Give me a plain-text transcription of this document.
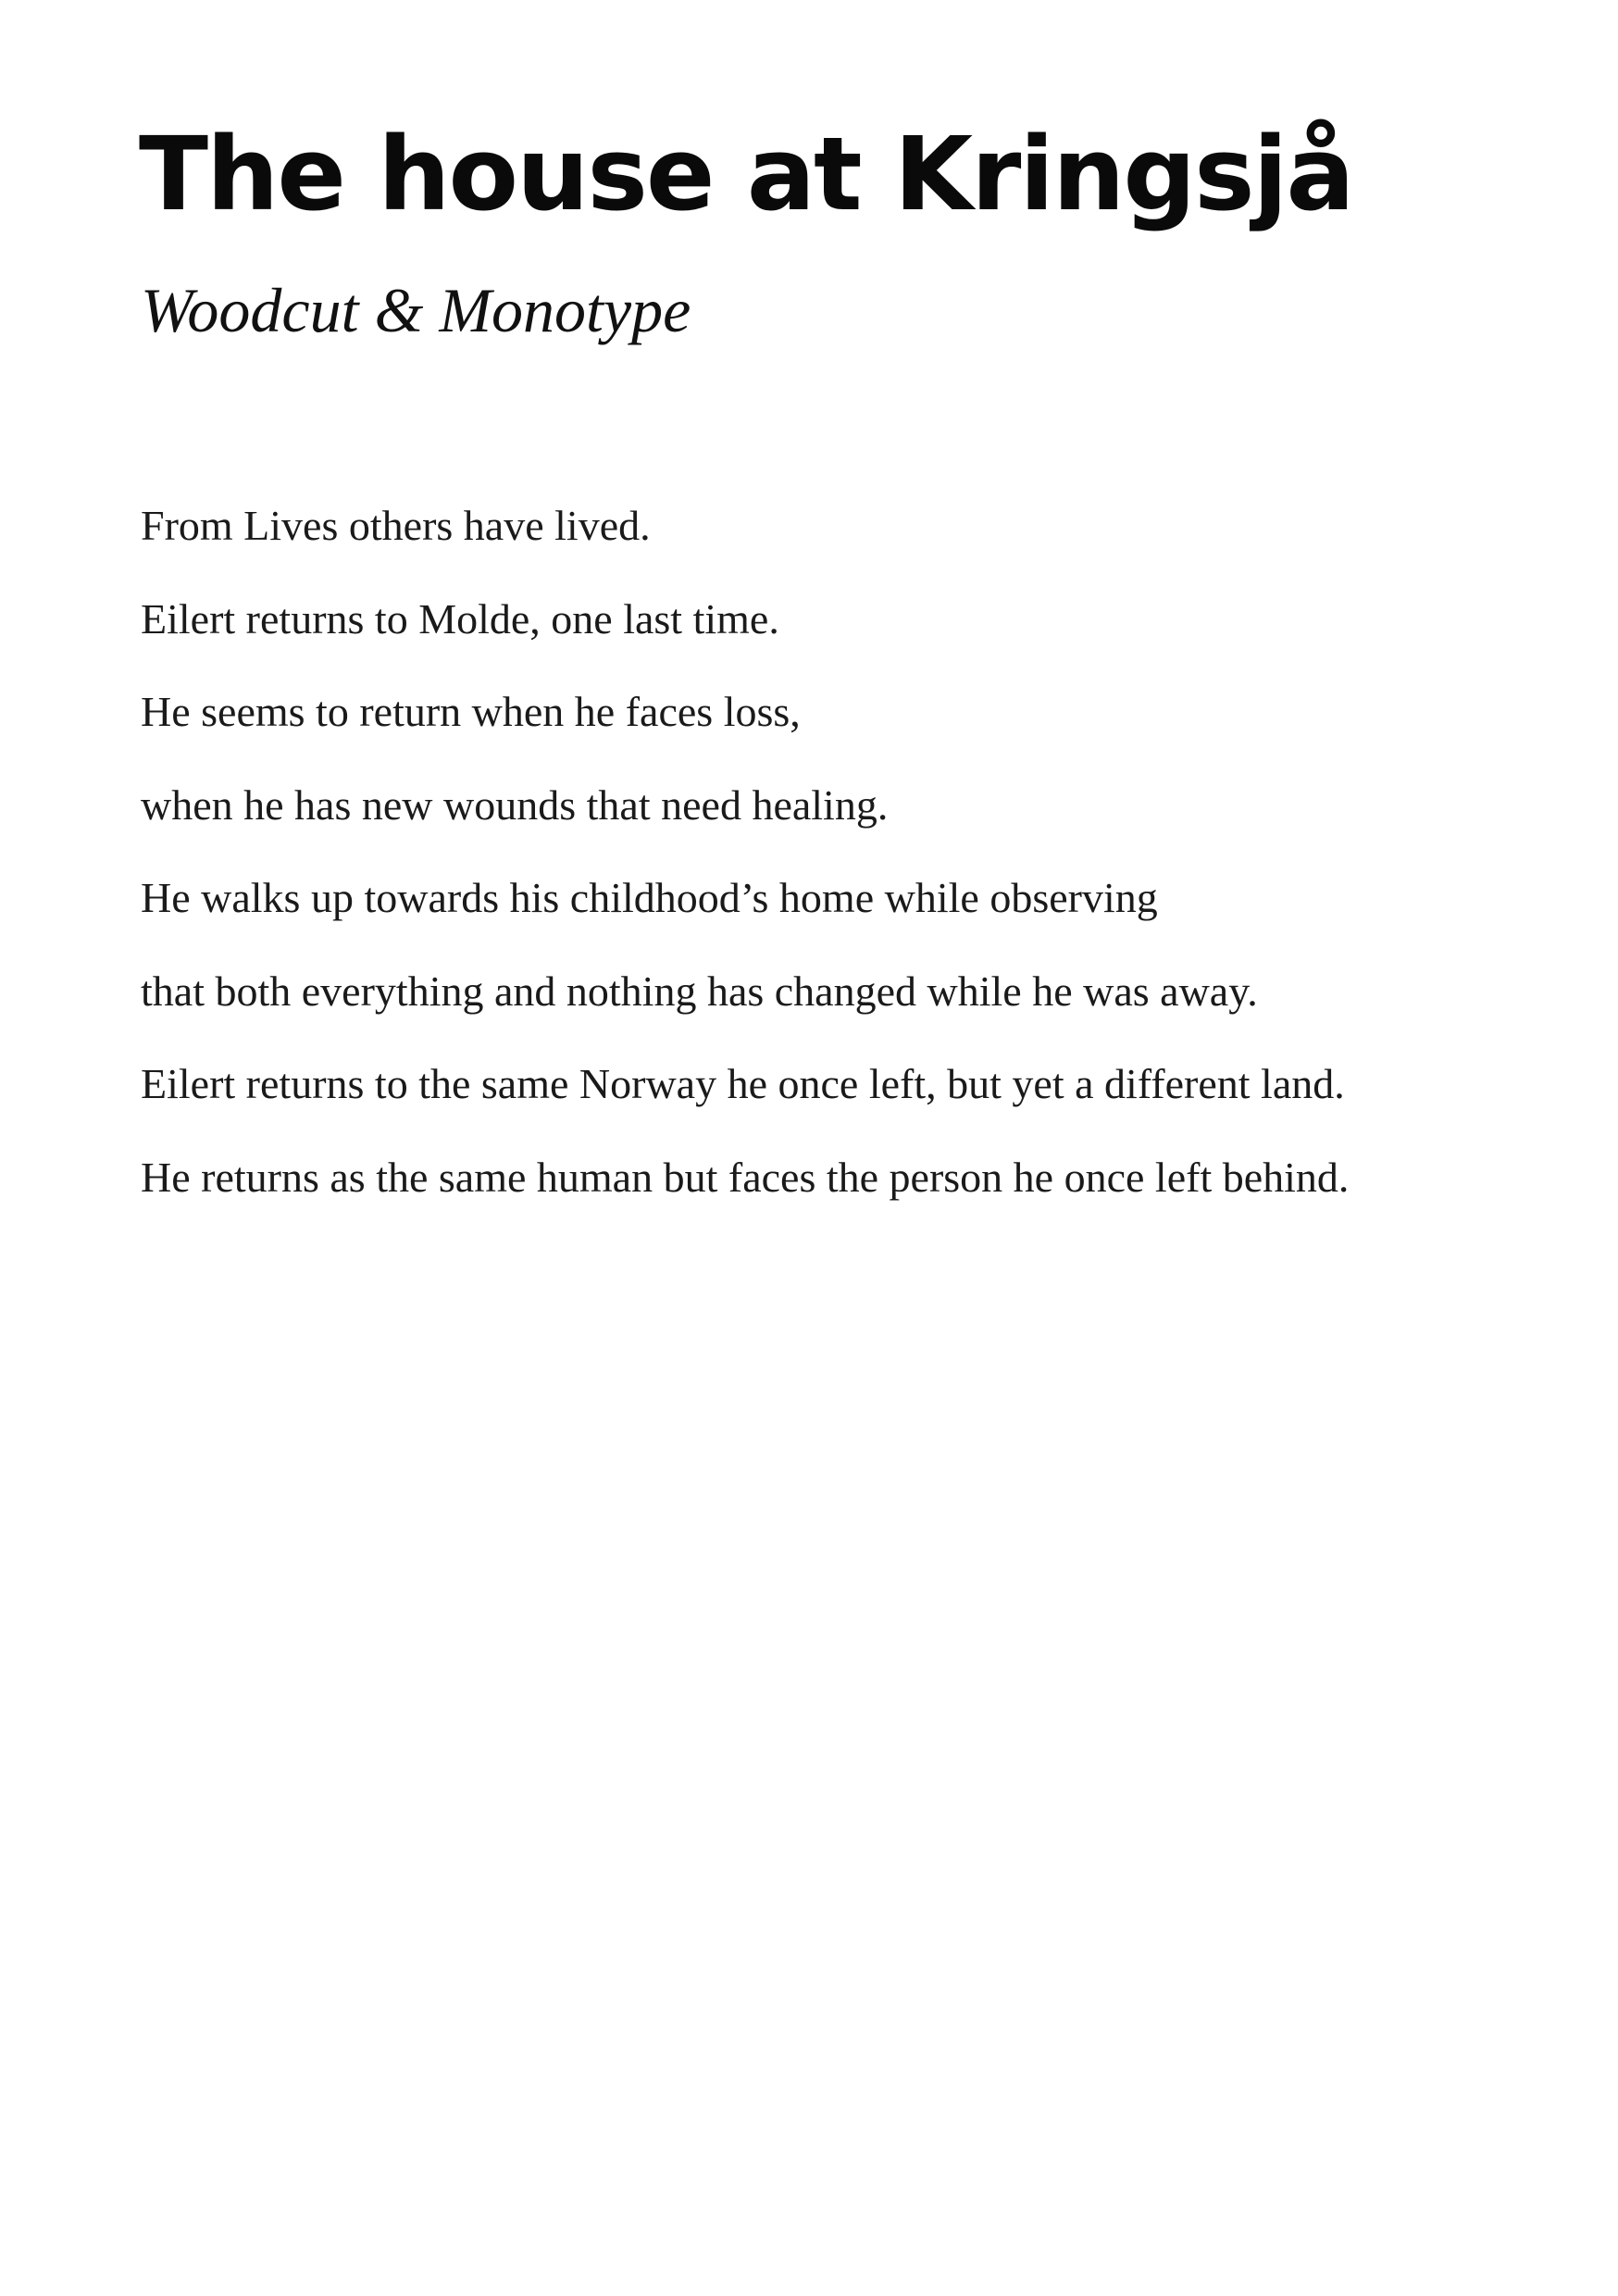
The house at Kringsjå
Woodcut & Monotype
From Lives others have lived.
Eilert returns to Molde, one last time.
He seems to return when he faces loss,
when he has new wounds that need healing.
He walks up towards his childhood’s home while observing
that both everything and nothing has changed while he was away.
Eilert returns to the same Norway he once left, but yet a different land.
He returns as the same human but faces the person he once left behind.
